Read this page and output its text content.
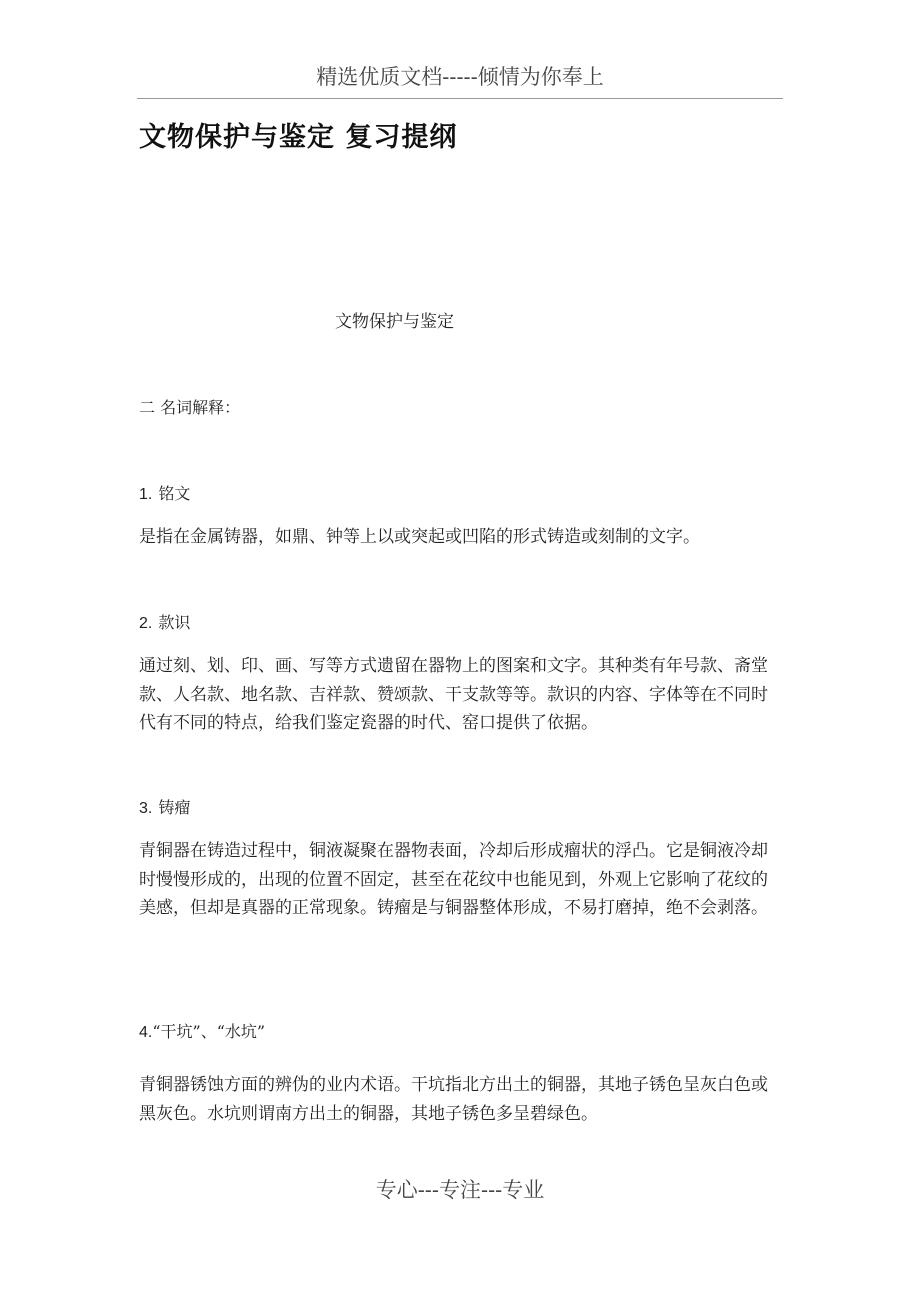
精选优质文档-----倾情为你奉上
文物保护与鉴定 复习提纲
文物保护与鉴定
二 名词解释：
1. 铭文

是指在金属铸器，如鼎、钟等上以或突起或凹陷的形式铸造或刻制的文字。

2. 款识

通过刻、划、印、画、写等方式遗留在器物上的图案和文字。其种类有年号款、斋堂款、人名款、地名款、吉祥款、赞颂款、干支款等等。款识的内容、字体等在不同时代有不同的特点，给我们鉴定瓷器的时代、窑口提供了依据。

3. 铸瘤

青铜器在铸造过程中，铜液凝聚在器物表面，冷却后形成瘤状的浮凸。它是铜液冷却时慢慢形成的，出现的位置不固定，甚至在花纹中也能见到，外观上它影响了花纹的美感，但却是真器的正常现象。铸瘤是与铜器整体形成，不易打磨掉，绝不会剥落。

4.“干坑”、“水坑”

青铜器锈蚀方面的辨伪的业内术语。干坑指北方出土的铜器，其地子锈色呈灰白色或黑灰色。水坑则谓南方出土的铜器，其地子锈色多呈碧绿色。

专心---专注---专业
